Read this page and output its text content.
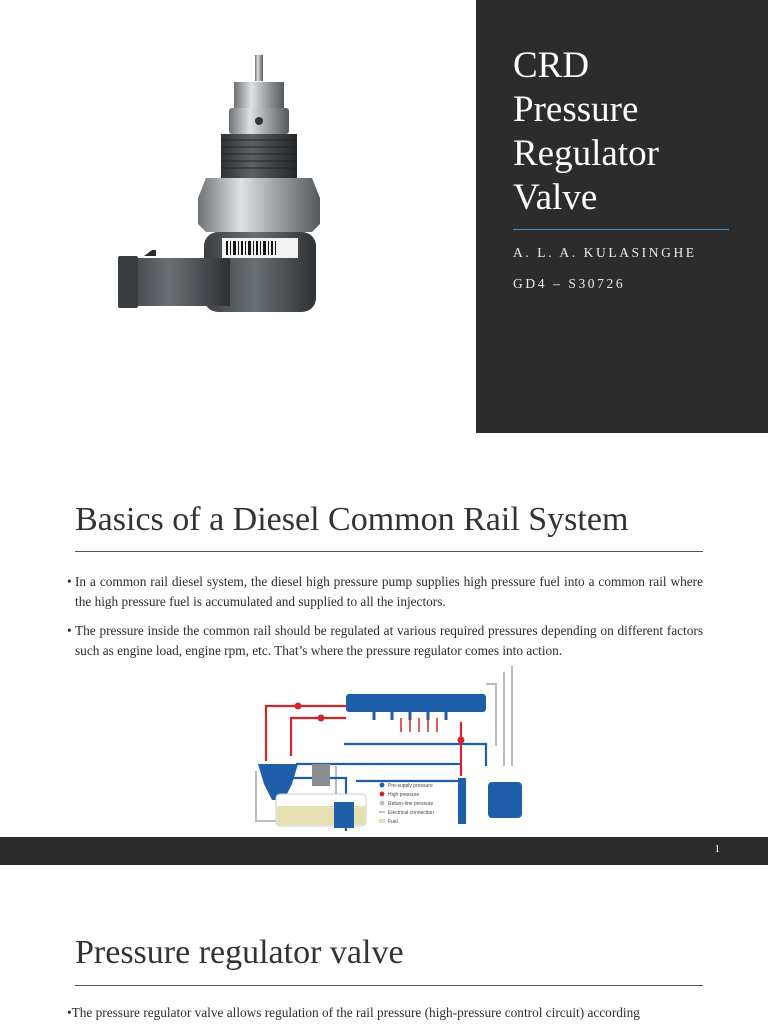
CRD
Pressure
Regulator
Valve

A. L. A. KULASINGHE

GD4 – S30726

Basics of a Diesel Common Rail System
• In a common rail diesel system, the diesel high pressure pump supplies high pressure fuel into a common rail where the high pressure fuel is accumulated and supplied to all the injectors.
• The pressure inside the common rail should be regulated at various required pressures depending on different factors such as engine load, engine rpm, etc. That’s where the pressure regulator comes into action.
Pre-supply pressure
High pressure
Return-line pressure
Electrical connection
Fuel

1

Pressure regulator valve

•The pressure regulator valve allows regulation of the rail pressure (high-pressure control circuit) according
